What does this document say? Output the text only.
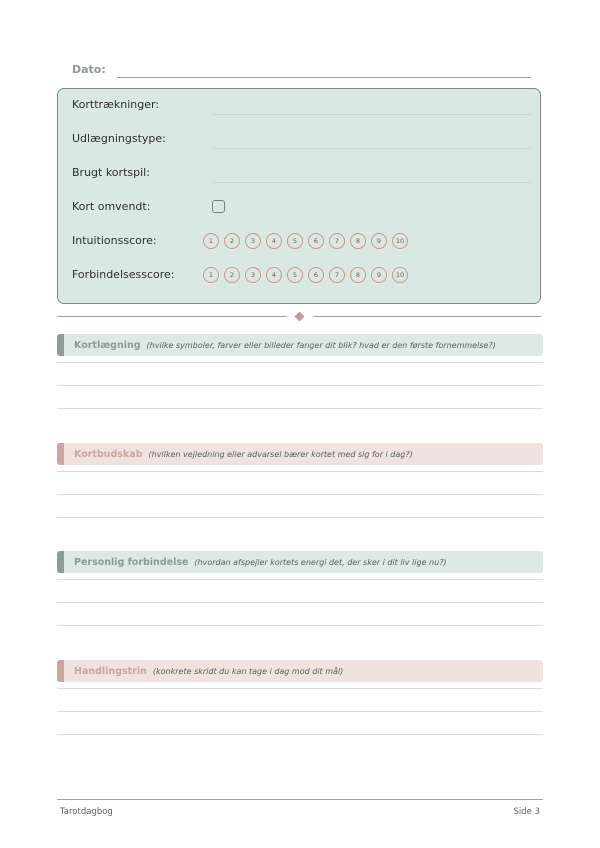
Dato:
Korttrækninger:
Udlægningstype:
Brugt kortspil:
Kort omvendt:
Intuitionsscore:	1	2	3	4	5	6	7	8	9	10
Forbindelsesscore:	1	2	3	4	5	6	7	8	9	10
Kortlægning (hvilke symboler, farver eller billeder fanger dit blik? hvad er den første fornemmelse?)
Kortbudskab (hvilken vejledning eller advarsel bærer kortet med sig for i dag?)
Personlig forbindelse (hvordan afspejler kortets energi det, der sker i dit liv lige nu?)
Handlingstrin (konkrete skridt du kan tage i dag mod dit mål)
Tarotdagbog	Side 3
